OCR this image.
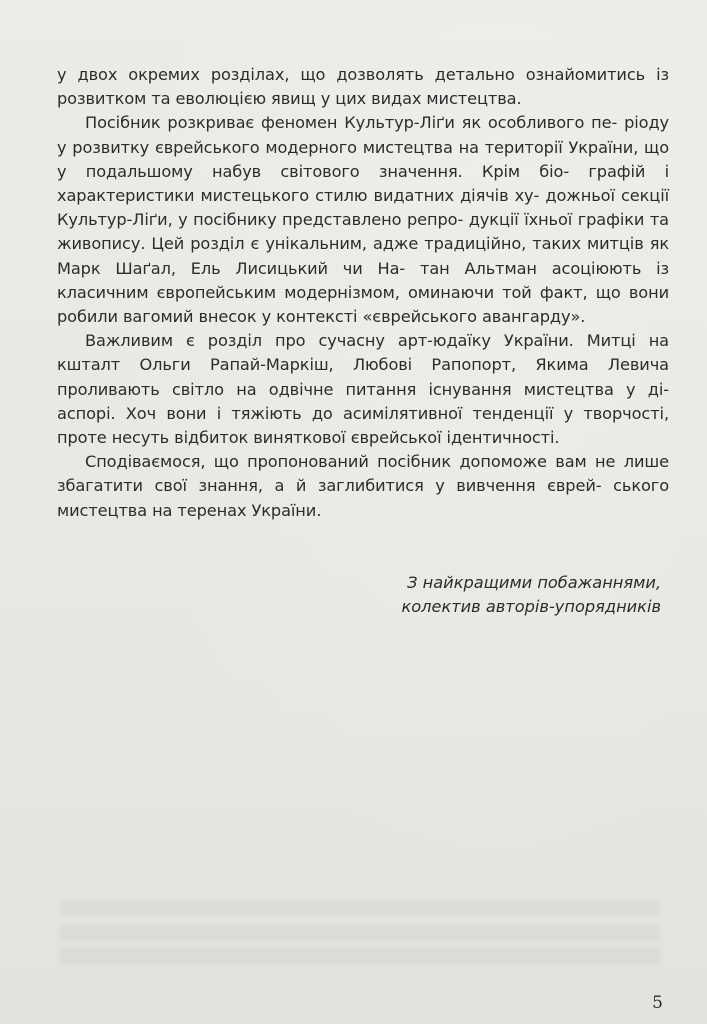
у двох окремих розділах, що дозволять детально ознайомитись із розвитком та еволюцією явищ у цих видах мистецтва.

Посібник розкриває феномен Культур-Ліґи як особливого пе- ріоду у розвитку єврейського модерного мистецтва на території України, що у подальшому набув світового значення. Крім біо- графій і характеристики мистецького стилю видатних діячів ху- дожньої секції Культур-Ліґи, у посібнику представлено репро- дукції їхньої графіки та живопису. Цей розділ є унікальним, адже традиційно, таких митців як Марк Шаґал, Ель Лисицький чи На- тан Альтман асоціюють із класичним європейським модернізмом, оминаючи той факт, що вони робили вагомий внесок у контексті «єврейського авангарду».

Важливим є розділ про сучасну арт-юдаїку України. Митці на кшталт Ольги Рапай-Маркіш, Любові Рапопорт, Якима Левича проливають світло на одвічне питання існування мистецтва у ді- аспорі. Хоч вони і тяжіють до асимілятивної тенденції у творчості, проте несуть відбиток виняткової єврейської ідентичності.

Сподіваємося, що пропонований посібник допоможе вам не лише збагатити свої знання, а й заглибитися у вивчення єврей- ського мистецтва на теренах України.

З найкращими побажаннями,
колектив авторів-упорядників
5
